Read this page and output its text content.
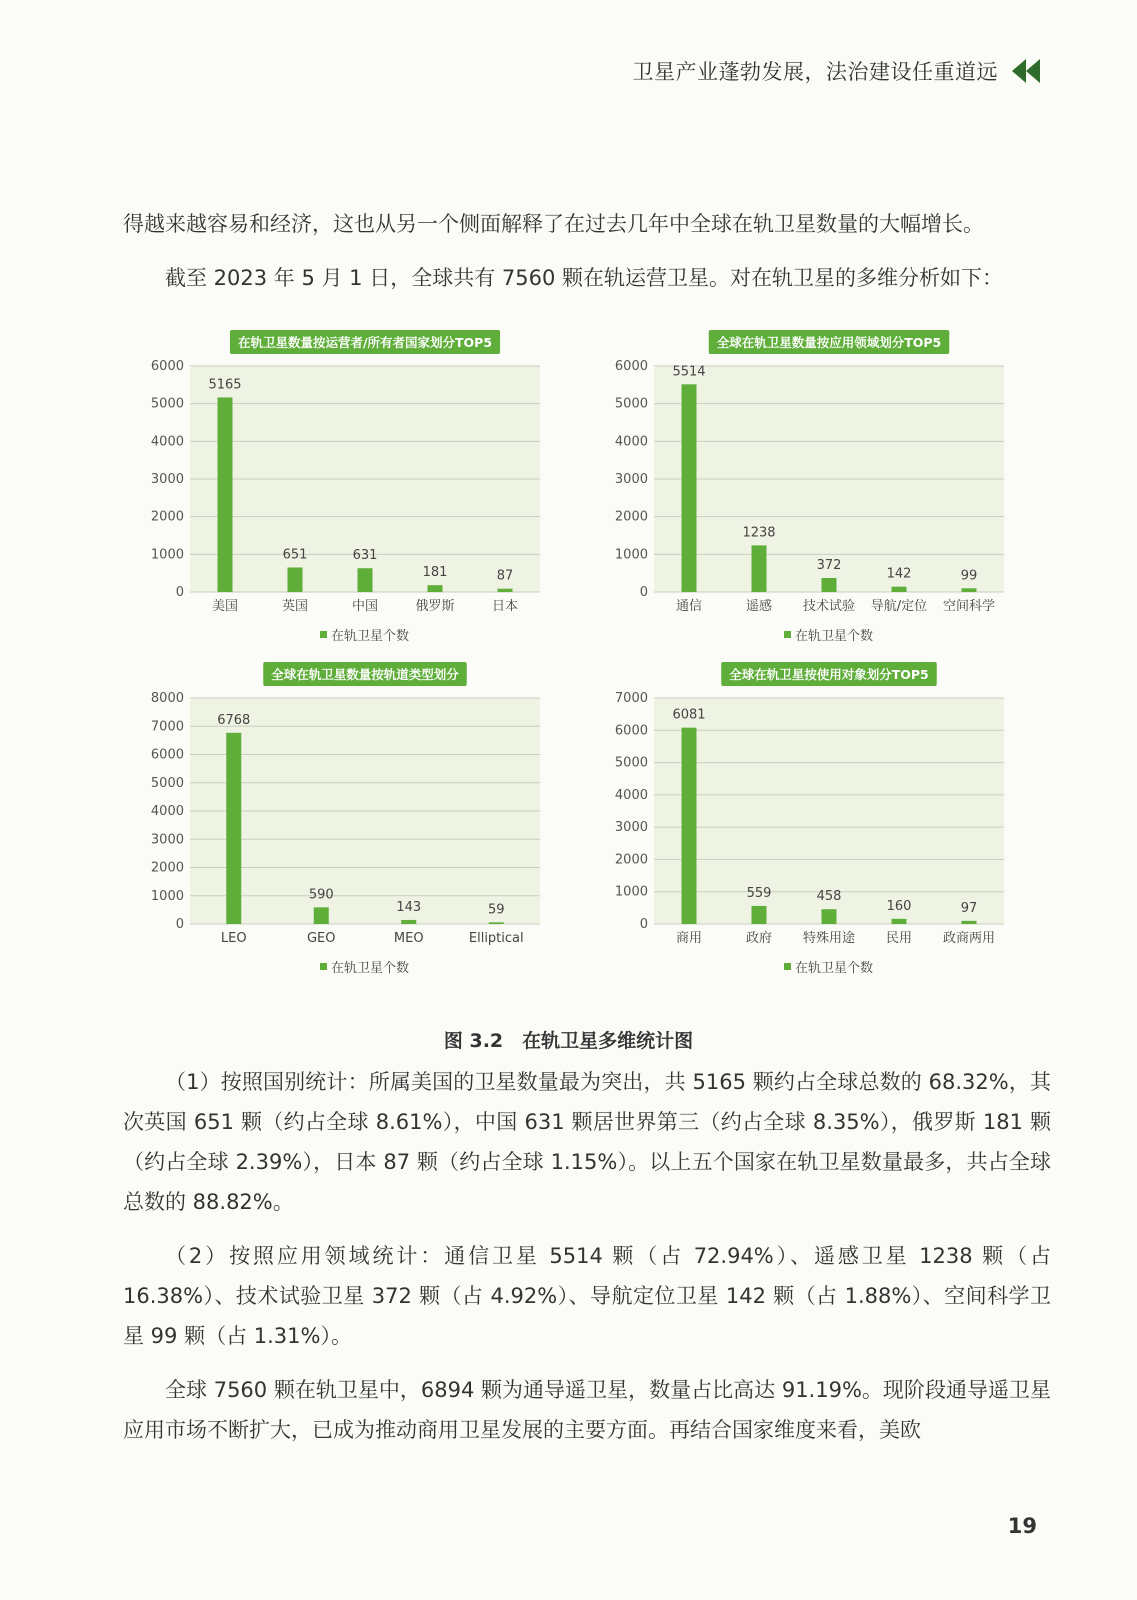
卫星产业蓬勃发展，法治建设任重道远

得越来越容易和经济，这也从另一个侧面解释了在过去几年中全球在轨卫星数量的大幅增长。

截至 2023 年 5 月 1 日，全球共有 7560 颗在轨运营卫星。对在轨卫星的多维分析如下：

在轨卫星数量按运营者/所有者国家划分TOP5
0
1000
2000
3000
4000
5000
6000
5165
美国
651
英国
631
中国
181
俄罗斯
87
日本
在轨卫星个数
全球在轨卫星数量按应用领域划分TOP5
0
1000
2000
3000
4000
5000
6000 5514
通信
1238
遥感
372
技术试验
142
导航/定位
99
空间科学
在轨卫星个数
全球在轨卫星数量按轨道类型划分
0
1000
2000
3000
4000
5000
6000
7000
8000
6768
LEO
590
GEO
143
MEO
59
Elliptical
在轨卫星个数
全球在轨卫星按使用对象划分TOP5
0
1000
2000
3000
4000
5000
6000
7000
6081
商用
559
政府
458
特殊用途
160
民用
97
政商两用
在轨卫星个数
图 3.2　在轨卫星多维统计图

（1）按照国别统计：所属美国的卫星数量最为突出，共 5165 颗约占全球总数的 68.32%，其次英国 651 颗（约占全球 8.61%），中国 631 颗居世界第三（约占全球 8.35%），俄罗斯 181 颗（约占全球 2.39%），日本 87 颗（约占全球 1.15%）。以上五个国家在轨卫星数量最多，共占全球总数的 88.82%。

（2）按照应用领域统计：通信卫星 5514 颗（占 72.94%）、遥感卫星 1238 颗（占 16.38%）、技术试验卫星 372 颗（占 4.92%）、导航定位卫星 142 颗（占 1.88%）、空间科学卫星 99 颗（占 1.31%）。

全球 7560 颗在轨卫星中，6894 颗为通导遥卫星，数量占比高达 91.19%。现阶段通导遥卫星应用市场不断扩大，已成为推动商用卫星发展的主要方面。再结合国家维度来看，美欧

19
